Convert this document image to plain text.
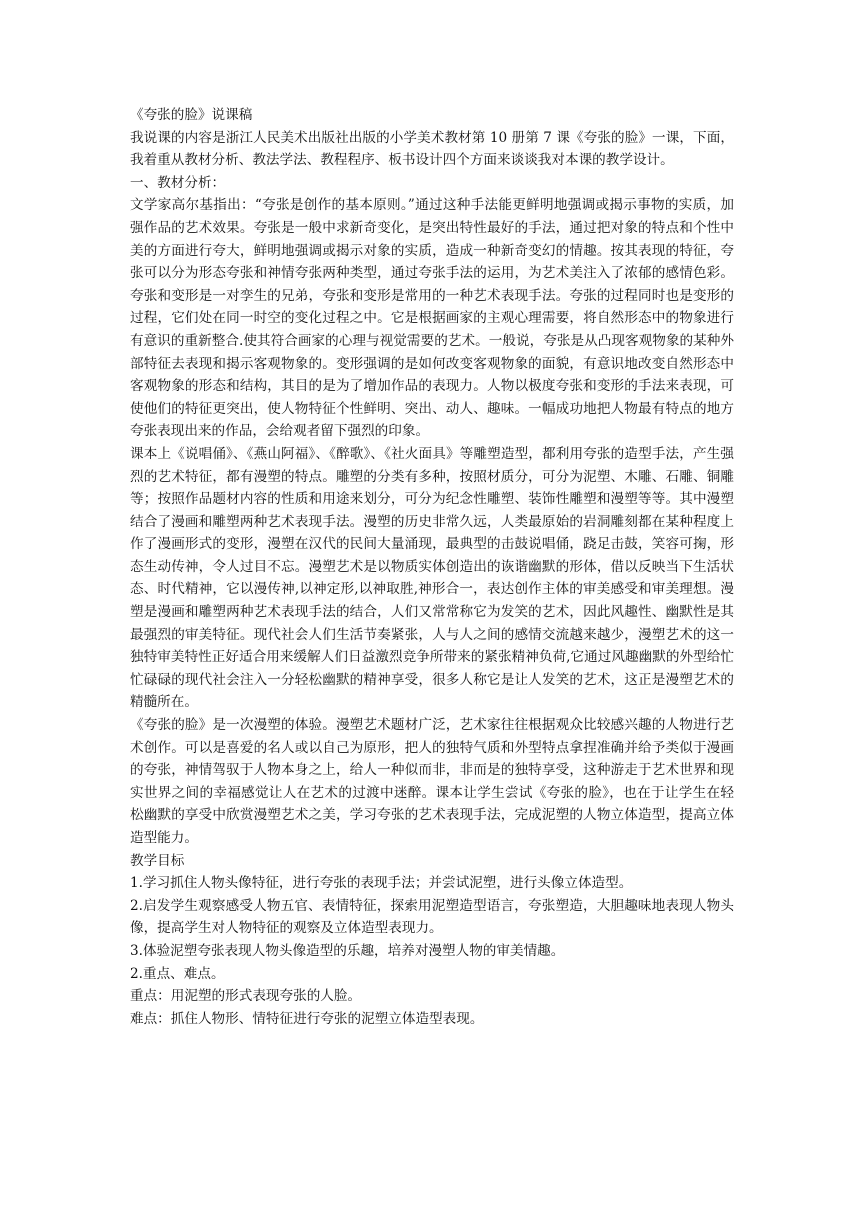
《夸张的脸》说课稿

我说课的内容是浙江人民美术出版社出版的小学美术教材第 10 册第 7 课《夸张的脸》一课，下面，我着重从教材分析、教法学法、教程程序、板书设计四个方面来谈谈我对本课的教学设计。

一、教材分析：

文学家高尔基指出：“夸张是创作的基本原则。”通过这种手法能更鲜明地强调或揭示事物的实质，加强作品的艺术效果。夸张是一般中求新奇变化，是突出特性最好的手法，通过把对象的特点和个性中美的方面进行夸大，鲜明地强调或揭示对象的实质，造成一种新奇变幻的情趣。按其表现的特征，夸张可以分为形态夸张和神情夸张两种类型，通过夸张手法的运用，为艺术美注入了浓郁的感情色彩。夸张和变形是一对孪生的兄弟，夸张和变形是常用的一种艺术表现手法。夸张的过程同时也是变形的过程，它们处在同一时空的变化过程之中。它是根据画家的主观心理需要，将自然形态中的物象进行有意识的重新整合.使其符合画家的心理与视觉需要的艺术。一般说，夸张是从凸现客观物象的某种外部特征去表现和揭示客观物象的。变形强调的是如何改变客观物象的面貌，有意识地改变自然形态中客观物象的形态和结构，其目的是为了增加作品的表现力。人物以极度夸张和变形的手法来表现，可使他们的特征更突出，使人物特征个性鲜明、突出、动人、趣味。一幅成功地把人物最有特点的地方夸张表现出来的作品，会给观者留下强烈的印象。

课本上《说唱俑》、《燕山阿福》、《醉歌》、《社火面具》等雕塑造型，都利用夸张的造型手法，产生强烈的艺术特征，都有漫塑的特点。雕塑的分类有多种，按照材质分，可分为泥塑、木雕、石雕、铜雕等；按照作品题材内容的性质和用途来划分，可分为纪念性雕塑、装饰性雕塑和漫塑等等。其中漫塑结合了漫画和雕塑两种艺术表现手法。漫塑的历史非常久远，人类最原始的岩洞雕刻都在某种程度上作了漫画形式的变形，漫塑在汉代的民间大量涌现，最典型的击鼓说唱俑，跷足击鼓，笑容可掬，形态生动传神，令人过目不忘。漫塑艺术是以物质实体创造出的诙谐幽默的形体，借以反映当下生活状态、时代精神，它以漫传神,以神定形,以神取胜,神形合一，表达创作主体的审美感受和审美理想。漫塑是漫画和雕塑两种艺术表现手法的结合，人们又常常称它为发笑的艺术，因此风趣性、幽默性是其最强烈的审美特征。现代社会人们生活节奏紧张，人与人之间的感情交流越来越少，漫塑艺术的这一独特审美特性正好适合用来缓解人们日益激烈竞争所带来的紧张精神负荷,它通过风趣幽默的外型给忙忙碌碌的现代社会注入一分轻松幽默的精神享受，很多人称它是让人发笑的艺术，这正是漫塑艺术的精髓所在。

《夸张的脸》是一次漫塑的体验。漫塑艺术题材广泛，艺术家往往根据观众比较感兴趣的人物进行艺术创作。可以是喜爱的名人或以自己为原形，把人的独特气质和外型特点拿捏准确并给予类似于漫画的夸张，神情驾驭于人物本身之上，给人一种似而非，非而是的独特享受，这种游走于艺术世界和现实世界之间的幸福感觉让人在艺术的过渡中迷醉。课本让学生尝试《夸张的脸》，也在于让学生在轻松幽默的享受中欣赏漫塑艺术之美，学习夸张的艺术表现手法，完成泥塑的人物立体造型，提高立体造型能力。

教学目标

1.学习抓住人物头像特征，进行夸张的表现手法；并尝试泥塑，进行头像立体造型。

2.启发学生观察感受人物五官、表情特征，探索用泥塑造型语言，夸张塑造，大胆趣味地表现人物头像，提高学生对人物特征的观察及立体造型表现力。

3.体验泥塑夸张表现人物头像造型的乐趣，培养对漫塑人物的审美情趣。

2.重点、难点。

重点：用泥塑的形式表现夸张的人脸。

难点：抓住人物形、情特征进行夸张的泥塑立体造型表现。
